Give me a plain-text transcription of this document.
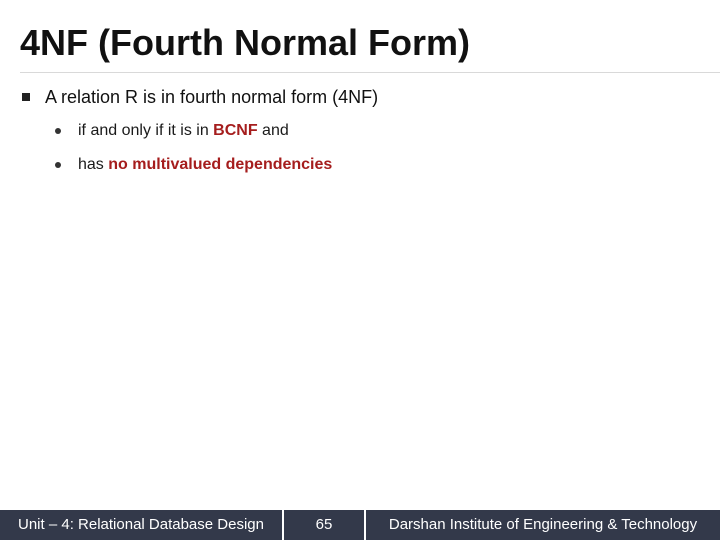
4NF (Fourth Normal Form)
A relation R is in fourth normal form (4NF)
if and only if it is in BCNF and
has no multivalued dependencies
Unit – 4: Relational Database Design	65	Darshan Institute of Engineering & Technology
